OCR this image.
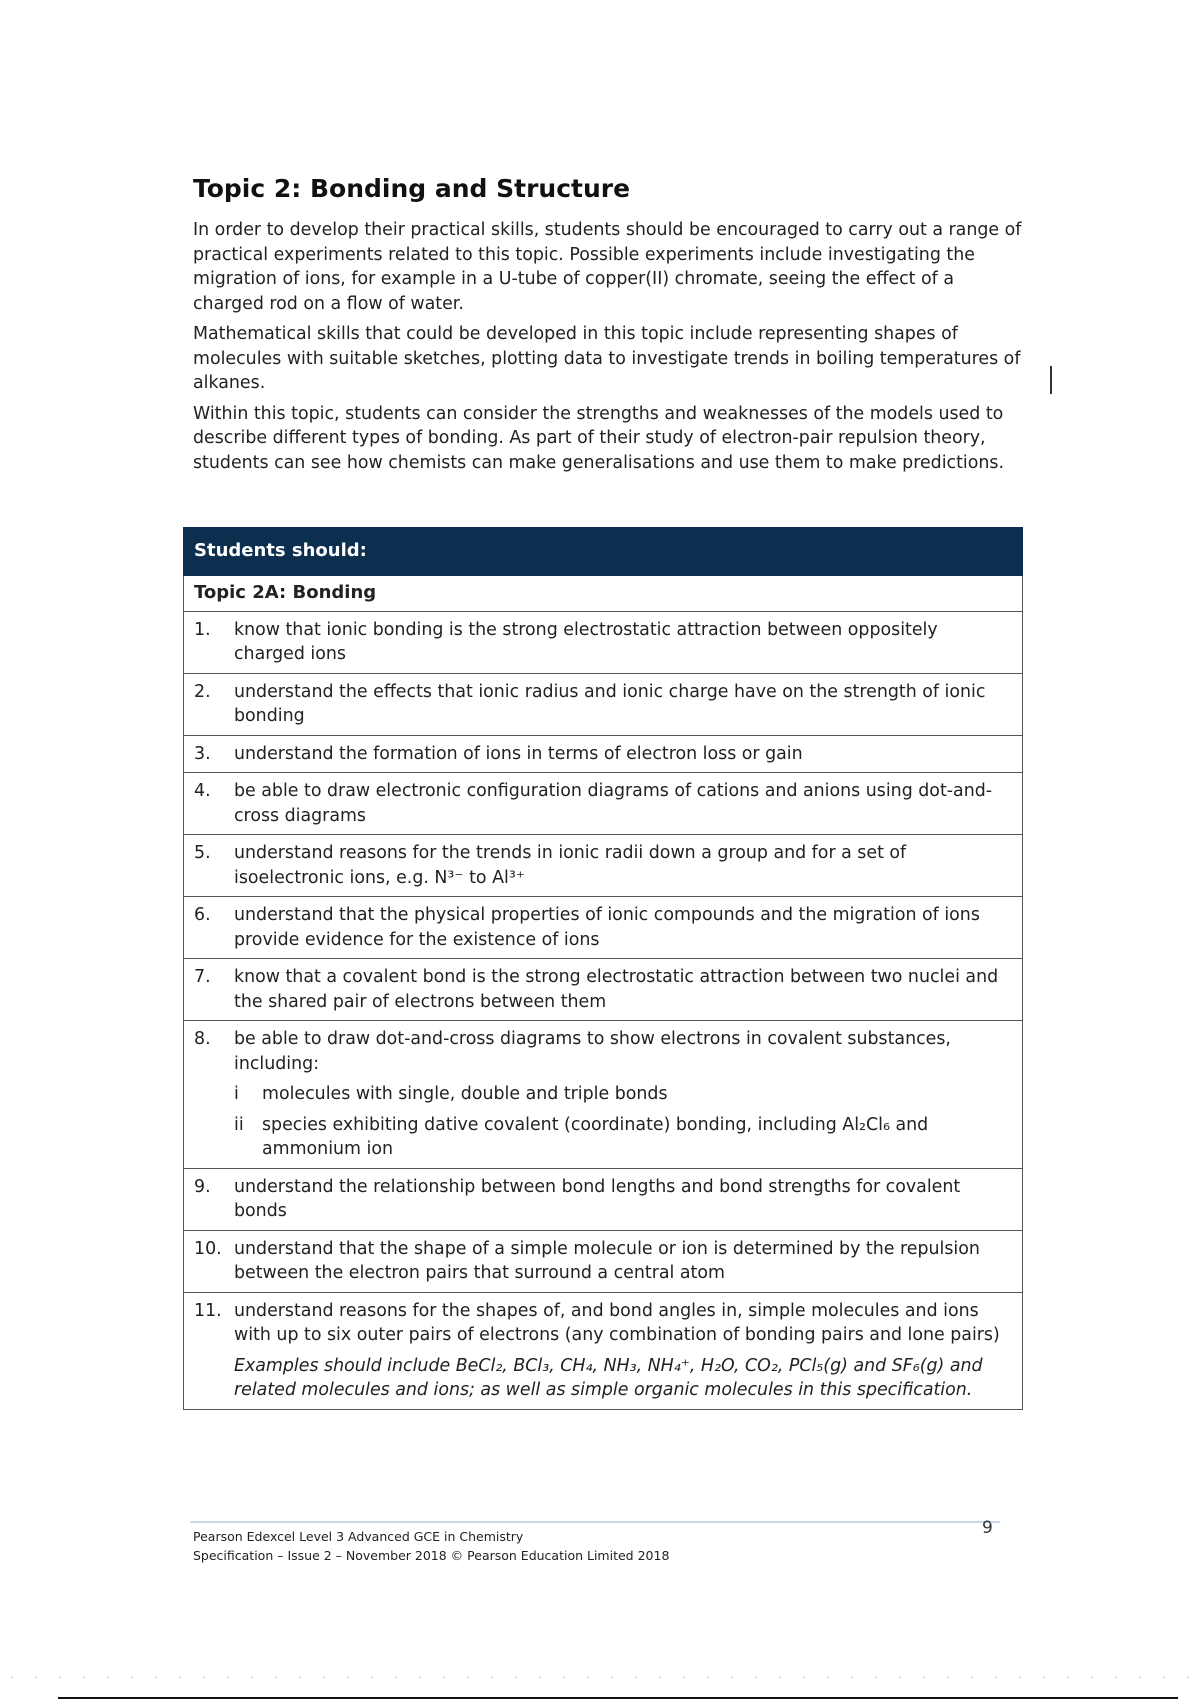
Topic 2: Bonding and Structure

In order to develop their practical skills, students should be encouraged to carry out a range of practical experiments related to this topic. Possible experiments include investigating the migration of ions, for example in a U-tube of copper(II) chromate, seeing the effect of a charged rod on a flow of water.

Mathematical skills that could be developed in this topic include representing shapes of molecules with suitable sketches, plotting data to investigate trends in boiling temperatures of alkanes.

Within this topic, students can consider the strengths and weaknesses of the models used to describe different types of bonding. As part of their study of electron-pair repulsion theory, students can see how chemists can make generalisations and use them to make predictions.

Students should:
Topic 2A: Bonding

1.	know that ionic bonding is the strong electrostatic attraction between oppositely charged ions

2.	understand the effects that ionic radius and ionic charge have on the strength of ionic bonding

3.	understand the formation of ions in terms of electron loss or gain

4.	be able to draw electronic configuration diagrams of cations and anions using dot-and-cross diagrams

5.	understand reasons for the trends in ionic radii down a group and for a set of isoelectronic ions, e.g. N³⁻ to Al³⁺

6.	understand that the physical properties of ionic compounds and the migration of ions provide evidence for the existence of ions

7.	know that a covalent bond is the strong electrostatic attraction between two nuclei and the shared pair of electrons between them

8.	be able to draw dot-and-cross diagrams to show electrons in covalent substances, including:
i	molecules with single, double and triple bonds
ii	species exhibiting dative covalent (coordinate) bonding, including Al₂Cl₆ and ammonium ion

9.	understand the relationship between bond lengths and bond strengths for covalent bonds

10. understand that the shape of a simple molecule or ion is determined by the repulsion between the electron pairs that surround a central atom

11. understand reasons for the shapes of, and bond angles in, simple molecules and ions with up to six outer pairs of electrons (any combination of bonding pairs and lone pairs)
Examples should include BeCl₂, BCl₃, CH₄, NH₃, NH₄⁺, H₂O, CO₂, PCl₅(g) and SF₆(g) and related molecules and ions; as well as simple organic molecules in this specification.
Pearson Edexcel Level 3 Advanced GCE in Chemistry
Specification – Issue 2 – November 2018 © Pearson Education Limited 2018
9
